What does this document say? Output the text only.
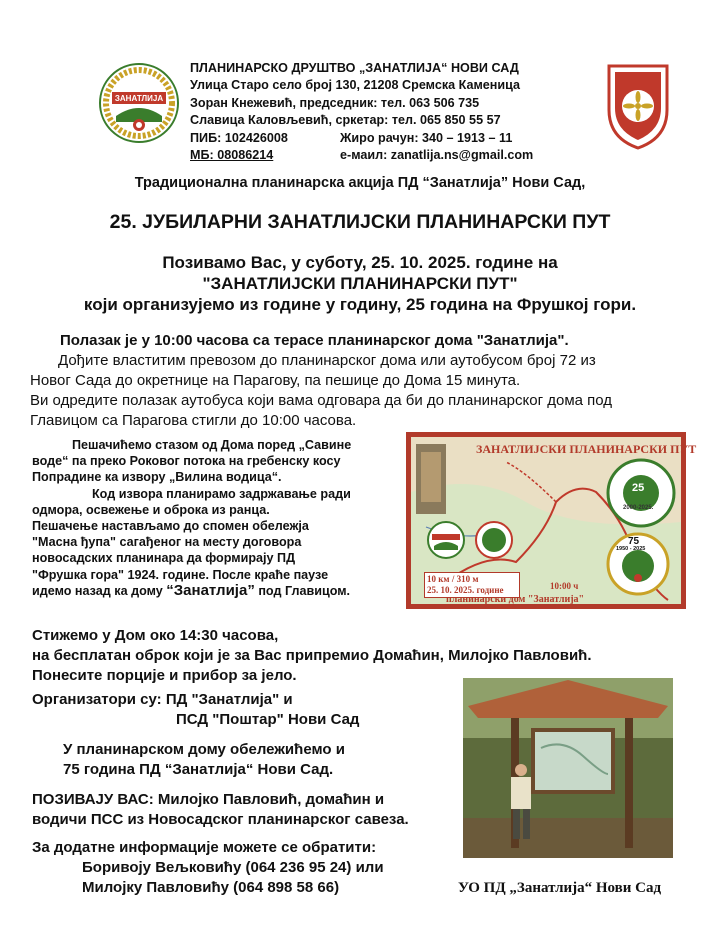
ЗАНАТЛИЈА
ПЛАНИНАРСКО ДРУШТВО „ЗАНАТЛИЈА“ НОВИ САД
Улица Старо село број 130, 21208 Сремска Каменица
Зоран Кнежевић, председник: тел. 063 506 735
Славица Каловљевић, сркетар: тел. 065 850 55 57
ПИБ: 102426008	Жиро рачун: 340 – 1913 – 11
МБ: 08086214	е-маил: zanatlija.ns@gmail.com
Традиционална планинарска акција ПД “Занатлија” Нови Сад,
25. ЈУБИЛАРНИ ЗАНАТЛИЈСКИ ПЛАНИНАРСКИ ПУТ
Позивамо Вас, у суботу, 25. 10. 2025. године на
"ЗАНАТЛИЈСКИ ПЛАНИНАРСКИ ПУТ"
који организујемо из године у годину, 25 година на Фрушкој гори.
Полазак је у 10:00 часова са терасе планинарског дома "Занатлија".
Дођите властитим превозом до планинарског дома или аутобусом број 72 из
Новог Сада до окретнице на Парагову, па пешице до Дома 15 минута.
Ви одредите полазак аутобуса који вама одговара да би до планинарског дома под
Главицом са Парагова стигли до 10:00 часова.
Пешачићемо стазом од Дома поред „Савине
воде“ па преко Роковог потока на гребенску косу
Попрадине ка извору „Вилина водица“.
Код извора планирамо задржавање ради
одмора, освежење и оброка из ранца.
Пешачење настављамо до спомен обележја
"Масна ђупа" сагађеног на месту договора
новосадских планинара да формирају ПД
"Фрушка гора" 1924. године. После краће паузе
идемо назад ка дому “Занатлија” под Главицом.
ЗАНАТЛИЈСКИ ПЛАНИНАРСКИ ПУТ
25
2000-2025.
75
1950 - 2025
10 км / 310 м
25. 10. 2025. године	10:00 ч
планинарски дом "Занатлија"
Стижемо у Дом око 14:30 часова,
на бесплатан оброк који је за Вас припремио Домаћин, Милојко Павловић.
Понесите порције и прибор за јело.
Организатори су: ПД "Занатлија" и
ПСД "Поштар" Нови Сад
У планинарском дому обележићемо и
75 година ПД “Занатлија“ Нови Сад.
ПОЗИВАЈУ ВАС: Милојко Павловић, домаћин и
водичи ПСС из Новосадског планинарског савеза.
За додатне информације можете се обратити:
Боривоју Вељковићу (064 236 95 24) или
Милојку Павловићу (064 898 58 66)	УО ПД „Занатлија“ Нови Сад
